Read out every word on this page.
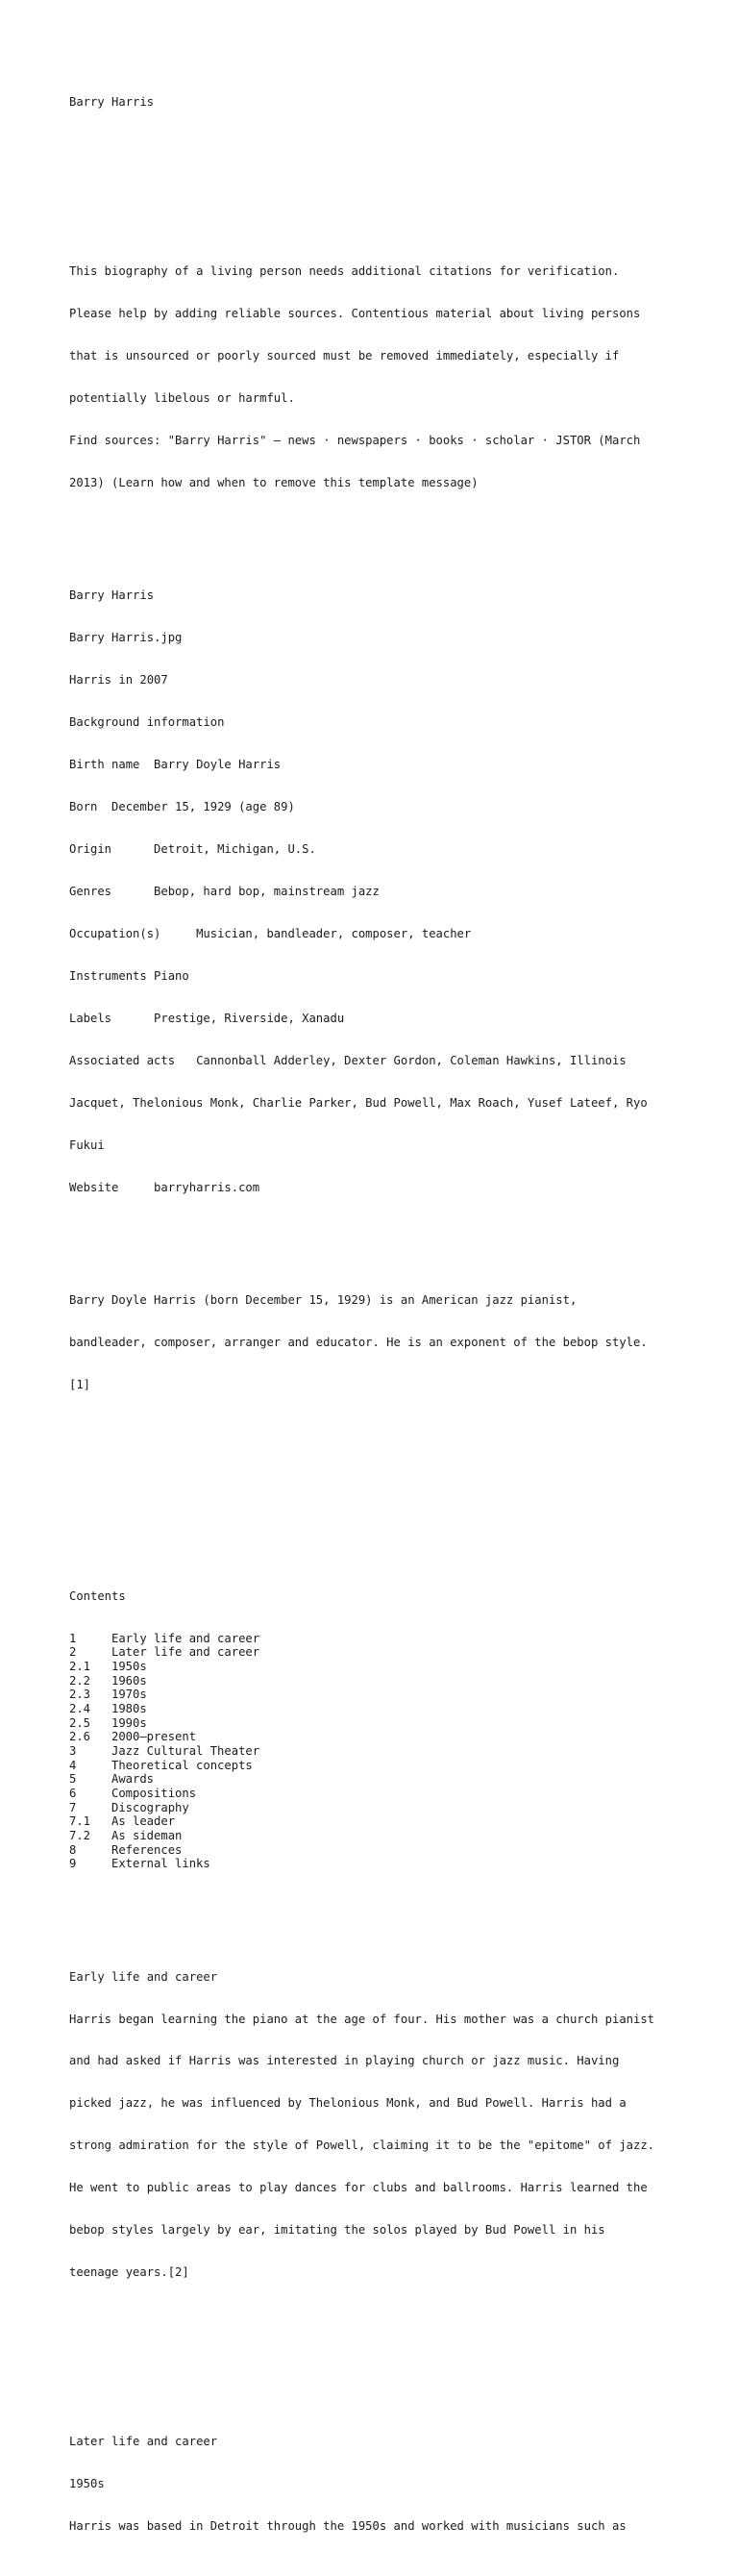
Barry Harris

This biography of a living person needs additional citations for verification.

Please help by adding reliable sources. Contentious material about living persons

that is unsourced or poorly sourced must be removed immediately, especially if

potentially libelous or harmful.

Find sources: "Barry Harris" – news · newspapers · books · scholar · JSTOR (March

2013) (Learn how and when to remove this template message)

Barry Harris

Barry Harris.jpg

Harris in 2007

Background information

Birth name  Barry Doyle Harris

Born  December 15, 1929 (age 89)

Origin      Detroit, Michigan, U.S.

Genres      Bebop, hard bop, mainstream jazz

Occupation(s)     Musician, bandleader, composer, teacher

Instruments Piano

Labels      Prestige, Riverside, Xanadu

Associated acts   Cannonball Adderley, Dexter Gordon, Coleman Hawkins, Illinois

Jacquet, Thelonious Monk, Charlie Parker, Bud Powell, Max Roach, Yusef Lateef, Ryo

Fukui

Website     barryharris.com

Barry Doyle Harris (born December 15, 1929) is an American jazz pianist,

bandleader, composer, arranger and educator. He is an exponent of the bebop style.

[1]

Contents

1	Early life and career
2	Later life and career
2.1 1950s
2.2 1960s
2.3 1970s
2.4 1980s
2.5 1990s
2.6 2000–present
3	Jazz Cultural Theater
4	Theoretical concepts
5	Awards
6	Compositions
7	Discography
7.1 As leader
7.2 As sideman
8	References
9	External links

Early life and career

Harris began learning the piano at the age of four. His mother was a church pianist

and had asked if Harris was interested in playing church or jazz music. Having

picked jazz, he was influenced by Thelonious Monk, and Bud Powell. Harris had a

strong admiration for the style of Powell, claiming it to be the "epitome" of jazz.

He went to public areas to play dances for clubs and ballrooms. Harris learned the

bebop styles largely by ear, imitating the solos played by Bud Powell in his

teenage years.[2]

Later life and career

1950s

Harris was based in Detroit through the 1950s and worked with musicians such as
